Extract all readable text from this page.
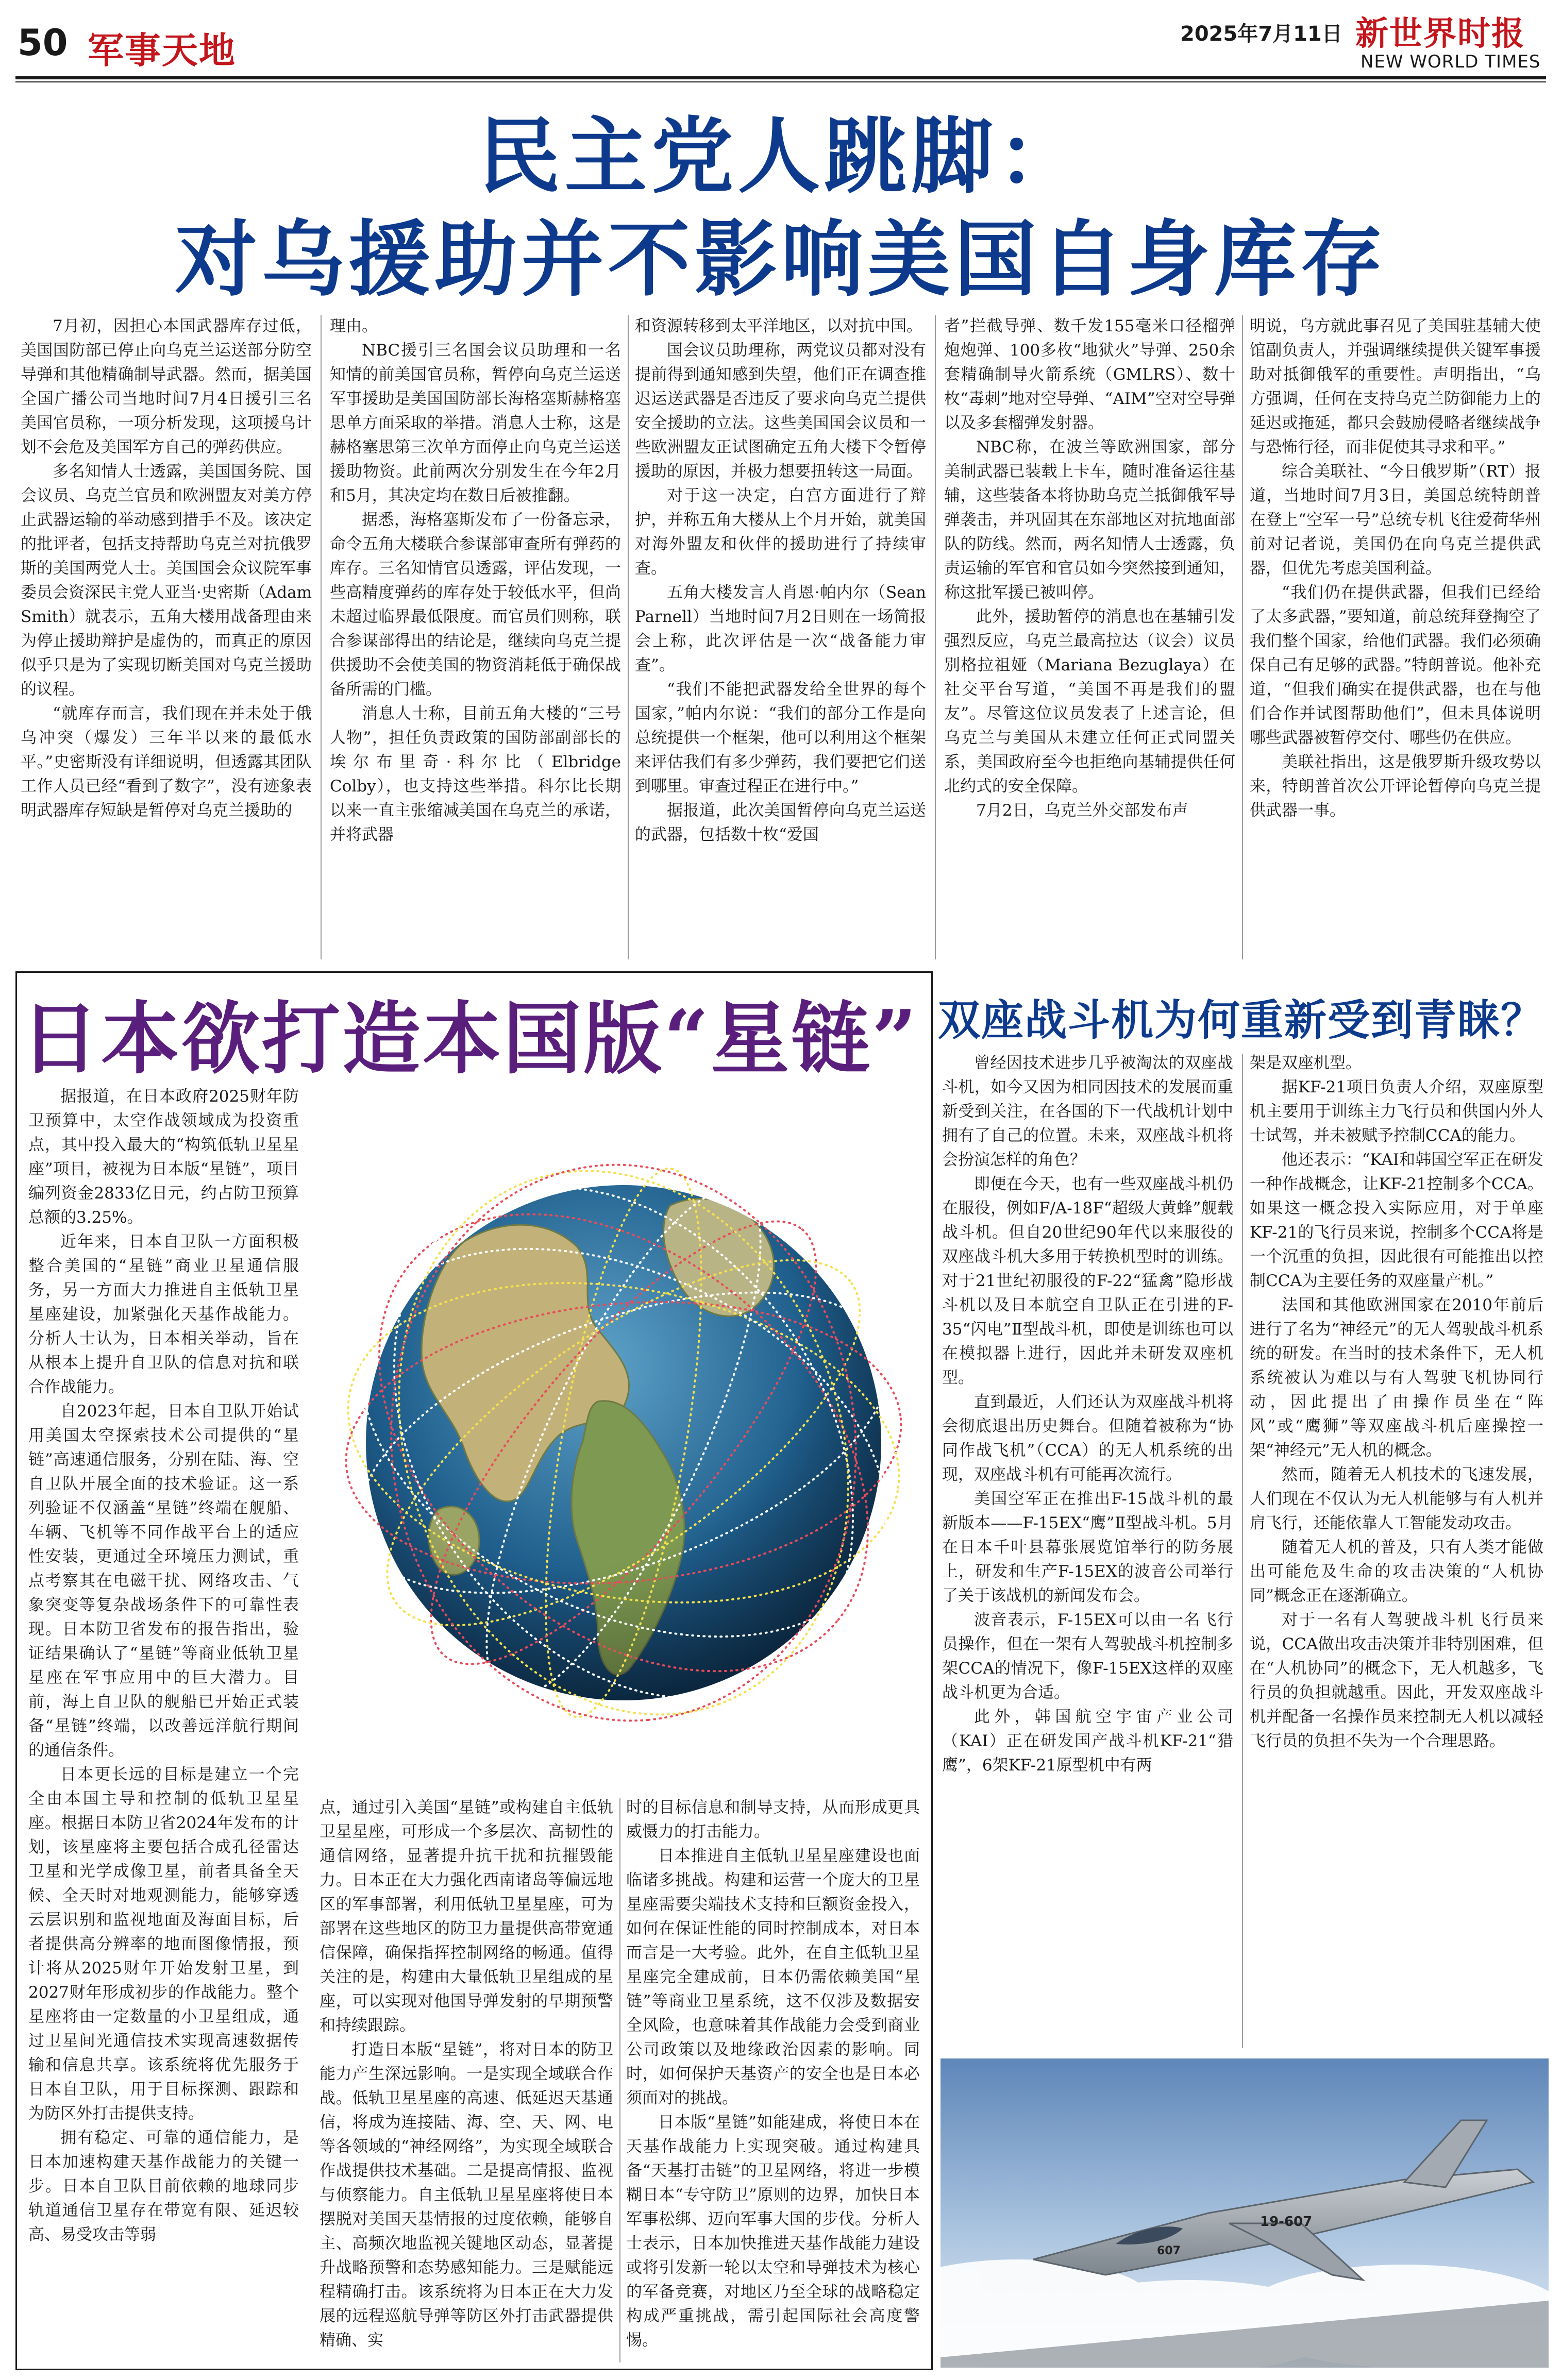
50 军事天地	2025年7月11日 新世界时报
NEW WORLD TIMES
民主党人跳脚：
对乌援助并不影响美国自身库存

7月初，因担心本国武器库存过低，美国国防部已停止向乌克兰运送部分防空导弹和其他精确制导武器。然而，据美国全国广播公司当地时间7月4日援引三名美国官员称，一项分析发现，这项援乌计划不会危及美国军方自己的弹药供应。

多名知情人士透露，美国国务院、国会议员、乌克兰官员和欧洲盟友对美方停止武器运输的举动感到措手不及。该决定的批评者，包括支持帮助乌克兰对抗俄罗斯的美国两党人士。美国国会众议院军事委员会资深民主党人亚当·史密斯（Adam Smith）就表示，五角大楼用战备理由来为停止援助辩护是虚伪的，而真正的原因似乎只是为了实现切断美国对乌克兰援助的议程。

“就库存而言，我们现在并未处于俄乌冲突（爆发）三年半以来的最低水平。”史密斯没有详细说明，但透露其团队工作人员已经“看到了数字”，没有迹象表明武器库存短缺是暂停对乌克兰援助的

理由。

NBC援引三名国会议员助理和一名知情的前美国官员称，暂停向乌克兰运送军事援助是美国国防部长海格塞斯赫格塞思单方面采取的举措。消息人士称，这是赫格塞思第三次单方面停止向乌克兰运送援助物资。此前两次分别发生在今年2月和5月，其决定均在数日后被推翻。

据悉，海格塞斯发布了一份备忘录，命令五角大楼联合参谋部审查所有弹药的库存。三名知情官员透露，评估发现，一些高精度弹药的库存处于较低水平，但尚未超过临界最低限度。而官员们则称，联合参谋部得出的结论是，继续向乌克兰提供援助不会使美国的物资消耗低于确保战备所需的门槛。

消息人士称，目前五角大楼的“三号人物”，担任负责政策的国防部副部长的埃尔布里奇·科尔比（Elbridge Colby），也支持这些举措。科尔比长期以来一直主张缩减美国在乌克兰的承诺，并将武器

和资源转移到太平洋地区，以对抗中国。

国会议员助理称，两党议员都对没有提前得到通知感到失望，他们正在调查推迟运送武器是否违反了要求向乌克兰提供安全援助的立法。这些美国国会议员和一些欧洲盟友正试图确定五角大楼下令暂停援助的原因，并极力想要扭转这一局面。

对于这一决定，白宫方面进行了辩护，并称五角大楼从上个月开始，就美国对海外盟友和伙伴的援助进行了持续审查。

五角大楼发言人肖恩·帕内尔（Sean Parnell）当地时间7月2日则在一场简报会上称，此次评估是一次“战备能力审查”。

“我们不能把武器发给全世界的每个国家，”帕内尔说：“我们的部分工作是向总统提供一个框架，他可以利用这个框架来评估我们有多少弹药，我们要把它们送到哪里。审查过程正在进行中。”

据报道，此次美国暂停向乌克兰运送的武器，包括数十枚“爱国

者”拦截导弹、数千发155毫米口径榴弹炮炮弹、100多枚“地狱火”导弹、250余套精确制导火箭系统（GMLRS）、数十枚“毒刺”地对空导弹、“AIM”空对空导弹以及多套榴弹发射器。

NBC称，在波兰等欧洲国家，部分美制武器已装载上卡车，随时准备运往基辅，这些装备本将协助乌克兰抵御俄军导弹袭击，并巩固其在东部地区对抗地面部队的防线。然而，两名知情人士透露，负责运输的军官和官员如今突然接到通知，称这批军援已被叫停。

此外，援助暂停的消息也在基辅引发强烈反应，乌克兰最高拉达（议会）议员别格拉祖娅（Mariana Bezuglaya）在社交平台写道，“美国不再是我们的盟友”。尽管这位议员发表了上述言论，但乌克兰与美国从未建立任何正式同盟关系，美国政府至今也拒绝向基辅提供任何北约式的安全保障。

7月2日，乌克兰外交部发布声

明说，乌方就此事召见了美国驻基辅大使馆副负责人，并强调继续提供关键军事援助对抵御俄军的重要性。声明指出，“乌方强调，任何在支持乌克兰防御能力上的延迟或拖延，都只会鼓励侵略者继续战争与恐怖行径，而非促使其寻求和平。”

综合美联社、“今日俄罗斯”（RT）报道，当地时间7月3日，美国总统特朗普在登上“空军一号”总统专机飞往爱荷华州前对记者说，美国仍在向乌克兰提供武器，但优先考虑美国利益。

“我们仍在提供武器，但我们已经给了太多武器，”要知道，前总统拜登掏空了我们整个国家，给他们武器。我们必须确保自己有足够的武器。”特朗普说。他补充道，“但我们确实在提供武器，也在与他们合作并试图帮助他们”，但未具体说明哪些武器被暂停交付、哪些仍在供应。

美联社指出，这是俄罗斯升级攻势以来，特朗普首次公开评论暂停向乌克兰提供武器一事。

日本欲打造本国版“星链”

据报道，在日本政府2025财年防卫预算中，太空作战领域成为投资重点，其中投入最大的“构筑低轨卫星星座”项目，被视为日本版“星链”，项目编列资金2833亿日元，约占防卫预算总额的3.25%。

近年来，日本自卫队一方面积极整合美国的“星链”商业卫星通信服务，另一方面大力推进自主低轨卫星星座建设，加紧强化天基作战能力。分析人士认为，日本相关举动，旨在从根本上提升自卫队的信息对抗和联合作战能力。

自2023年起，日本自卫队开始试用美国太空探索技术公司提供的“星链”高速通信服务，分别在陆、海、空自卫队开展全面的技术验证。这一系列验证不仅涵盖“星链”终端在舰船、车辆、飞机等不同作战平台上的适应性安装，更通过全环境压力测试，重点考察其在电磁干扰、网络攻击、气象突变等复杂战场条件下的可靠性表现。日本防卫省发布的报告指出，验证结果确认了“星链”等商业低轨卫星星座在军事应用中的巨大潜力。目前，海上自卫队的舰船已开始正式装备“星链”终端，以改善远洋航行期间的通信条件。

日本更长远的目标是建立一个完全由本国主导和控制的低轨卫星星座。根据日本防卫省2024年发布的计划，该星座将主要包括合成孔径雷达卫星和光学成像卫星，前者具备全天候、全天时对地观测能力，能够穿透云层识别和监视地面及海面目标，后者提供高分辨率的地面图像情报，预计将从2025财年开始发射卫星，到2027财年形成初步的作战能力。整个星座将由一定数量的小卫星组成，通过卫星间光通信技术实现高速数据传输和信息共享。该系统将优先服务于日本自卫队，用于目标探测、跟踪和为防区外打击提供支持。

拥有稳定、可靠的通信能力，是日本加速构建天基作战能力的关键一步。日本自卫队目前依赖的地球同步轨道通信卫星存在带宽有限、延迟较高、易受攻击等弱

点，通过引入美国“星链”或构建自主低轨卫星星座，可形成一个多层次、高韧性的通信网络，显著提升抗干扰和抗摧毁能力。日本正在大力强化西南诸岛等偏远地区的军事部署，利用低轨卫星星座，可为部署在这些地区的防卫力量提供高带宽通信保障，确保指挥控制网络的畅通。值得关注的是，构建由大量低轨卫星组成的星座，可以实现对他国导弹发射的早期预警和持续跟踪。

打造日本版“星链”，将对日本的防卫能力产生深远影响。一是实现全域联合作战。低轨卫星星座的高速、低延迟天基通信，将成为连接陆、海、空、天、网、电等各领域的“神经网络”，为实现全域联合作战提供技术基础。二是提高情报、监视与侦察能力。自主低轨卫星星座将使日本摆脱对美国天基情报的过度依赖，能够自主、高频次地监视关键地区动态，显著提升战略预警和态势感知能力。三是赋能远程精确打击。该系统将为日本正在大力发展的远程巡航导弹等防区外打击武器提供精确、实

时的目标信息和制导支持，从而形成更具威慑力的打击能力。

日本推进自主低轨卫星星座建设也面临诸多挑战。构建和运营一个庞大的卫星星座需要尖端技术支持和巨额资金投入，如何在保证性能的同时控制成本，对日本而言是一大考验。此外，在自主低轨卫星星座完全建成前，日本仍需依赖美国“星链”等商业卫星系统，这不仅涉及数据安全风险，也意味着其作战能力会受到商业公司政策以及地缘政治因素的影响。同时，如何保护天基资产的安全也是日本必须面对的挑战。

日本版“星链”如能建成，将使日本在天基作战能力上实现突破。通过构建具备“天基打击链”的卫星网络，将进一步模糊日本“专守防卫”原则的边界，加快日本军事松绑、迈向军事大国的步伐。分析人士表示，日本加快推进天基作战能力建设或将引发新一轮以太空和导弹技术为核心的军备竞赛，对地区乃至全球的战略稳定构成严重挑战，需引起国际社会高度警惕。

双座战斗机为何重新受到青睐？

曾经因技术进步几乎被淘汰的双座战斗机，如今又因为相同因技术的发展而重新受到关注，在各国的下一代战机计划中拥有了自己的位置。未来，双座战斗机将会扮演怎样的角色？

即便在今天，也有一些双座战斗机仍在服役，例如F/A-18F“超级大黄蜂”舰载战斗机。但自20世纪90年代以来服役的双座战斗机大多用于转换机型时的训练。对于21世纪初服役的F-22“猛禽”隐形战斗机以及日本航空自卫队正在引进的F-35“闪电”Ⅱ型战斗机，即使是训练也可以在模拟器上进行，因此并未研发双座机型。

直到最近，人们还认为双座战斗机将会彻底退出历史舞台。但随着被称为“协同作战飞机”（CCA）的无人机系统的出现，双座战斗机有可能再次流行。

美国空军正在推出F-15战斗机的最新版本——F-15EX“鹰”Ⅱ型战斗机。5月在日本千叶县幕张展览馆举行的防务展上，研发和生产F-15EX的波音公司举行了关于该战机的新闻发布会。

波音表示，F-15EX可以由一名飞行员操作，但在一架有人驾驶战斗机控制多架CCA的情况下，像F-15EX这样的双座战斗机更为合适。

此外，韩国航空宇宙产业公司（KAI）正在研发国产战斗机KF-21“猎鹰”，6架KF-21原型机中有两

架是双座机型。

据KF-21项目负责人介绍，双座原型机主要用于训练主力飞行员和供国内外人士试驾，并未被赋予控制CCA的能力。

他还表示：“KAI和韩国空军正在研发一种作战概念，让KF-21控制多个CCA。如果这一概念投入实际应用，对于单座KF-21的飞行员来说，控制多个CCA将是一个沉重的负担，因此很有可能推出以控制CCA为主要任务的双座量产机。”

法国和其他欧洲国家在2010年前后进行了名为“神经元”的无人驾驶战斗机系统的研发。在当时的技术条件下，无人机系统被认为难以与有人驾驶飞机协同行动，因此提出了由操作员坐在“阵风”或“鹰狮”等双座战斗机后座操控一架“神经元”无人机的概念。

然而，随着无人机技术的飞速发展，人们现在不仅认为无人机能够与有人机并肩飞行，还能依靠人工智能发动攻击。

随着无人机的普及，只有人类才能做出可能危及生命的攻击决策的“人机协同”概念正在逐渐确立。

对于一名有人驾驶战斗机飞行员来说，CCA做出攻击决策并非特别困难，但在“人机协同”的概念下，无人机越多，飞行员的负担就越重。因此，开发双座战斗机并配备一名操作员来控制无人机以减轻飞行员的负担不失为一个合理思路。

19-607
607
